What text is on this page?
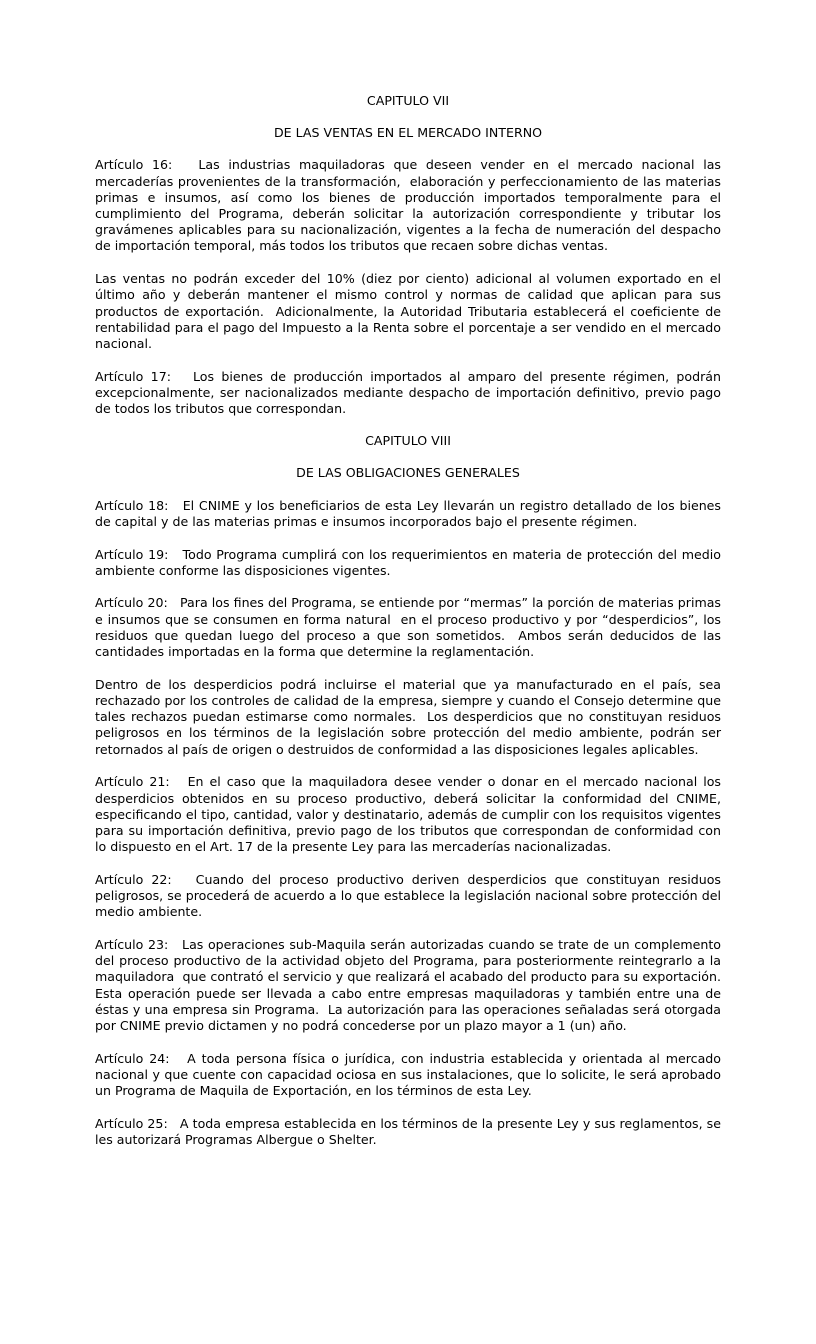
CAPITULO VII

DE LAS VENTAS EN EL MERCADO INTERNO

Artículo 16:   Las industrias maquiladoras que deseen vender en el mercado nacional las mercaderías provenientes de la transformación,  elaboración y perfeccionamiento de las materias primas e insumos, así como los bienes de producción importados temporalmente para el cumplimiento del Programa, deberán solicitar la autorización correspondiente y tributar los gravámenes aplicables para su nacionalización, vigentes a la fecha de numeración del despacho de importación temporal, más todos los tributos que recaen sobre dichas ventas.

Las ventas no podrán exceder del 10% (diez por ciento) adicional al volumen exportado en el último año y deberán mantener el mismo control y normas de calidad que aplican para sus productos de exportación.  Adicionalmente, la Autoridad Tributaria establecerá el coeficiente de rentabilidad para el pago del Impuesto a la Renta sobre el porcentaje a ser vendido en el mercado nacional.

Artículo 17:   Los bienes de producción importados al amparo del presente régimen, podrán excepcionalmente, ser nacionalizados mediante despacho de importación definitivo, previo pago de todos los tributos que correspondan.

CAPITULO VIII

DE LAS OBLIGACIONES GENERALES

Artículo 18:   El CNIME y los beneficiarios de esta Ley llevarán un registro detallado de los bienes de capital y de las materias primas e insumos incorporados bajo el presente régimen.

Artículo 19:   Todo Programa cumplirá con los requerimientos en materia de protección del medio ambiente conforme las disposiciones vigentes.

Artículo 20:   Para los fines del Programa, se entiende por “mermas” la porción de materias primas e insumos que se consumen en forma natural  en el proceso productivo y por “desperdicios”, los residuos que quedan luego del proceso a que son sometidos.  Ambos serán deducidos de las cantidades importadas en la forma que determine la reglamentación.

Dentro de los desperdicios podrá incluirse el material que ya manufacturado en el país, sea rechazado por los controles de calidad de la empresa, siempre y cuando el Consejo determine que tales rechazos puedan estimarse como normales.  Los desperdicios que no constituyan residuos peligrosos en los términos de la legislación sobre protección del medio ambiente, podrán ser retornados al país de origen o destruidos de conformidad a las disposiciones legales aplicables.

Artículo 21:   En el caso que la maquiladora desee vender o donar en el mercado nacional los desperdicios obtenidos en su proceso productivo, deberá solicitar la conformidad del CNIME, especificando el tipo, cantidad, valor y destinatario, además de cumplir con los requisitos vigentes para su importación definitiva, previo pago de los tributos que correspondan de conformidad con lo dispuesto en el Art. 17 de la presente Ley para las mercaderías nacionalizadas.

Artículo 22:   Cuando del proceso productivo deriven desperdicios que constituyan residuos peligrosos, se procederá de acuerdo a lo que establece la legislación nacional sobre protección del medio ambiente.

Artículo 23:   Las operaciones sub-Maquila serán autorizadas cuando se trate de un complemento del proceso productivo de la actividad objeto del Programa, para posteriormente reintegrarlo a la maquiladora  que contrató el servicio y que realizará el acabado del producto para su exportación.  Esta operación puede ser llevada a cabo entre empresas maquiladoras y también entre una de éstas y una empresa sin Programa.  La autorización para las operaciones señaladas será otorgada por CNIME previo dictamen y no podrá concederse por un plazo mayor a 1 (un) año.

Artículo 24:   A toda persona física o jurídica, con industria establecida y orientada al mercado nacional y que cuente con capacidad ociosa en sus instalaciones, que lo solicite, le será aprobado un Programa de Maquila de Exportación, en los términos de esta Ley.

Artículo 25:   A toda empresa establecida en los términos de la presente Ley y sus reglamentos, se les autorizará Programas Albergue o Shelter.
